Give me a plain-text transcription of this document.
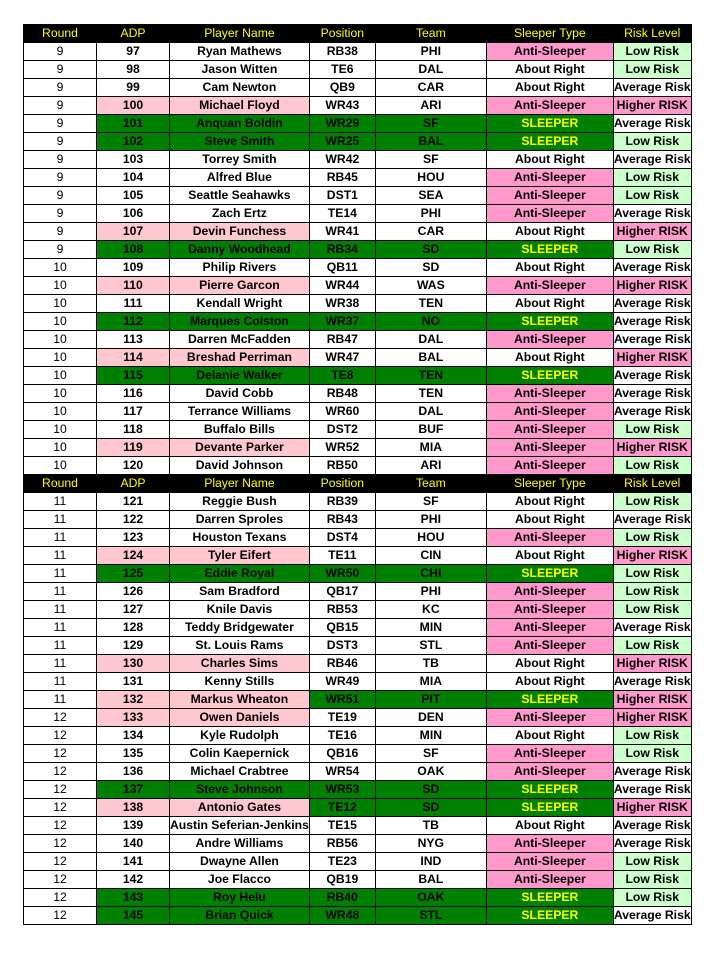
Round	ADP	Player Name	Position	Team	Sleeper Type	Risk Level
9	97	Ryan Mathews	RB38	PHI	Anti-Sleeper	Low Risk
9	98	Jason Witten	TE6	DAL	About Right	Low Risk
9	99	Cam Newton	QB9	CAR	About Right	Average Risk
9	100	Michael Floyd	WR43	ARI	Anti-Sleeper	Higher RISK
9	101	Anquan Boldin	WR29	SF	SLEEPER	Average Risk
9	102	Steve Smith	WR25	BAL	SLEEPER	Low Risk
9	103	Torrey Smith	WR42	SF	About Right	Average Risk
9	104	Alfred Blue	RB45	HOU	Anti-Sleeper	Low Risk
9	105	Seattle Seahawks	DST1	SEA	Anti-Sleeper	Low Risk
9	106	Zach Ertz	TE14	PHI	Anti-Sleeper	Average Risk
9	107	Devin Funchess	WR41	CAR	About Right	Higher RISK
9	108	Danny Woodhead	RB34	SD	SLEEPER	Low Risk
10	109	Philip Rivers	QB11	SD	About Right	Average Risk
10	110	Pierre Garcon	WR44	WAS	Anti-Sleeper	Higher RISK
10	111	Kendall Wright	WR38	TEN	About Right	Average Risk
10	112	Marques Colston	WR37	NO	SLEEPER	Average Risk
10	113	Darren McFadden	RB47	DAL	Anti-Sleeper	Average Risk
10	114	Breshad Perriman	WR47	BAL	About Right	Higher RISK
10	115	Delanie Walker	TE8	TEN	SLEEPER	Average Risk
10	116	David Cobb	RB48	TEN	Anti-Sleeper	Average Risk
10	117	Terrance Williams	WR60	DAL	Anti-Sleeper	Average Risk
10	118	Buffalo Bills	DST2	BUF	Anti-Sleeper	Low Risk
10	119	Devante Parker	WR52	MIA	Anti-Sleeper	Higher RISK
10	120	David Johnson	RB50	ARI	Anti-Sleeper	Low Risk
Round	ADP	Player Name	Position	Team	Sleeper Type	Risk Level
11	121	Reggie Bush	RB39	SF	About Right	Low Risk
11	122	Darren Sproles	RB43	PHI	About Right	Average Risk
11	123	Houston Texans	DST4	HOU	Anti-Sleeper	Low Risk
11	124	Tyler Eifert	TE11	CIN	About Right	Higher RISK
11	125	Eddie Royal	WR50	CHI	SLEEPER	Low Risk
11	126	Sam Bradford	QB17	PHI	Anti-Sleeper	Low Risk
11	127	Knile Davis	RB53	KC	Anti-Sleeper	Low Risk
11	128	Teddy Bridgewater	QB15	MIN	Anti-Sleeper	Average Risk
11	129	St. Louis Rams	DST3	STL	Anti-Sleeper	Low Risk
11	130	Charles Sims	RB46	TB	About Right	Higher RISK
11	131	Kenny Stills	WR49	MIA	About Right	Average Risk
11	132	Markus Wheaton	WR51	PIT	SLEEPER	Higher RISK
12	133	Owen Daniels	TE19	DEN	Anti-Sleeper	Higher RISK
12	134	Kyle Rudolph	TE16	MIN	About Right	Low Risk
12	135	Colin Kaepernick	QB16	SF	Anti-Sleeper	Low Risk
12	136	Michael Crabtree	WR54	OAK	Anti-Sleeper	Average Risk
12	137	Steve Johnson	WR53	SD	SLEEPER	Average Risk
12	138	Antonio Gates	TE12	SD	SLEEPER	Higher RISK
12	139	Austin Seferian-Jenkins	TE15	TB	About Right	Average Risk
12	140	Andre Williams	RB56	NYG	Anti-Sleeper	Average Risk
12	141	Dwayne Allen	TE23	IND	Anti-Sleeper	Low Risk
12	142	Joe Flacco	QB19	BAL	Anti-Sleeper	Low Risk
12	143	Roy Helu	RB40	OAK	SLEEPER	Low Risk
12	145	Brian Quick	WR48	STL	SLEEPER	Average Risk
